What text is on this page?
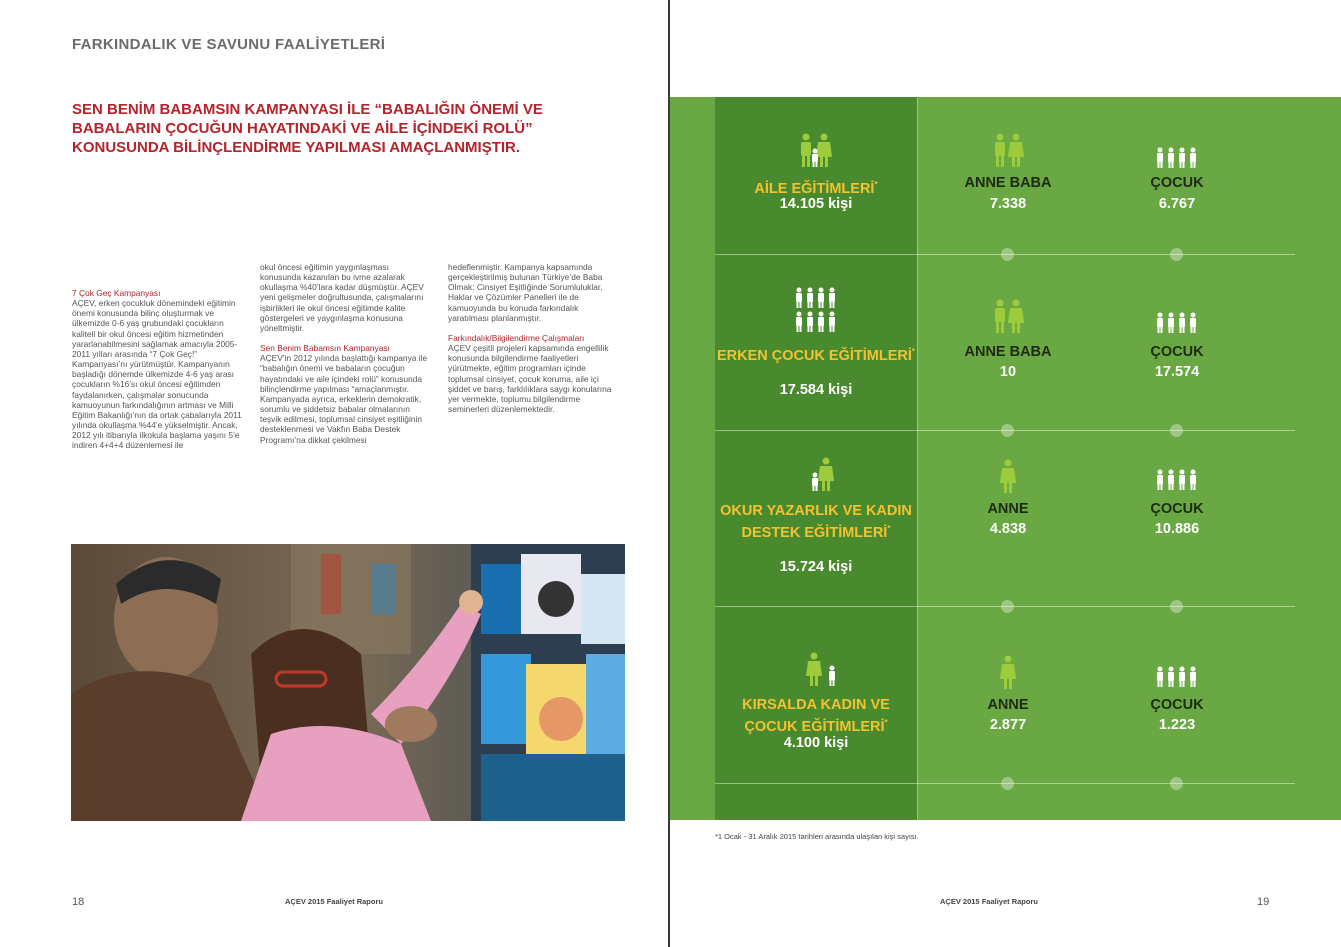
FARKINDALIK VE SAVUNU FAALİYETLERİ
SEN BENİM BABAMSIN KAMPANYASI İLE “BABALIĞIN ÖNEMİ VE BABALARIN ÇOCUĞUN HAYATINDAKİ VE AİLE İÇİNDEKİ ROLÜ” KONUSUNDA BİLİNÇLENDİRME YAPILMASI AMAÇLANMIŞTIR.

7 Çok Geç Kampanyası
AÇEV, erken çocukluk dönemindeki eğitimin önemi konusunda bilinç oluşturmak ve ülkemizde 0-6 yaş grubundaki çocukların kaliteli bir okul öncesi eğitim hizmetinden yararlanabilmesini sağlamak amacıyla 2005-2011 yılları arasında “7 Çok Geç!” Kampanyası’nı yürütmüştür. Kampanyanın başladığı dönemde ülkemizde 4-6 yaş arası çocukların %16’sı okul öncesi eğitimden faydalanırken, çalışmalar sonucunda kamuoyunun farkındalığının artması ve Milli Eğitim Bakanlığı’nın da ortak çabalarıyla 2011 yılında okullaşma %44’e yükselmiştir. Ancak, 2012 yılı itibarıyla ilkokula başlama yaşını 5’e indiren 4+4+4 düzenlemesi ile

okul öncesi eğitimin yaygınlaşması konusunda kazanılan bu ivme azalarak okullaşma %40’lara kadar düşmüştür. AÇEV yeni gelişmeler doğrultusunda, çalışmalarını işbirlikleri ile okul öncesi eğitimde kalite göstergeleri ve yaygınlaşma konusuna yöneltmiştir.

Sen Benim Babamsın Kampanyası
AÇEV’in 2012 yılında başlattığı kampanya ile “babalığın önemi ve babaların çocuğun hayatındaki ve aile içindeki rolü” konusunda bilinçlendirme yapılması “amaçlanmıştır. Kampanyada ayrıca, erkeklerin demokratik, sorumlu ve şiddetsiz babalar olmalarının teşvik edilmesi, toplumsal cinsiyet eşitliğinin desteklenmesi ve Vakfın Baba Destek Programı’na dikkat çekilmesi

hedeflenmiştir. Kampanya kapsamında gerçekleştirilmiş bulunan Türkiye’de Baba Olmak: Cinsiyet Eşitliğinde Sorumluluklar, Haklar ve Çözümler Panelleri ile de kamuoyunda bu konuda farkındalık yaratılması planlanmıştır.

Farkındalık/Bilgilendirme Çalışmaları
AÇEV çeşitli projeleri kapsamında engellilik konusunda bilgilendirme faaliyetleri yürütmekte, eğitim programları içinde toplumsal cinsiyet, çocuk koruma, aile içi şiddet ve barış, farklılıklara saygı konularına yer vermekte, toplumu bilgilendirme seminerleri düzenlemektedir.

18	AÇEV 2015 Faaliyet Raporu
AİLE EĞİTİMLERİ*
14.105 kişi
ANNE BABA
7.338
ÇOCUK
6.767
ERKEN ÇOCUK EĞİTİMLERİ*
17.584 kişi
ANNE BABA
10
ÇOCUK
17.574
OKUR YAZARLIK VE KADIN DESTEK EĞİTİMLERİ*
15.724 kişi
ANNE
4.838
ÇOCUK
10.886
KIRSALDA KADIN VE ÇOCUK EĞİTİMLERİ*
4.100 kişi
ANNE
2.877
ÇOCUK
1.223
*1 Ocak - 31 Aralık 2015 tarihleri arasında ulaşılan kişi sayısı.
AÇEV 2015 Faaliyet Raporu	19
